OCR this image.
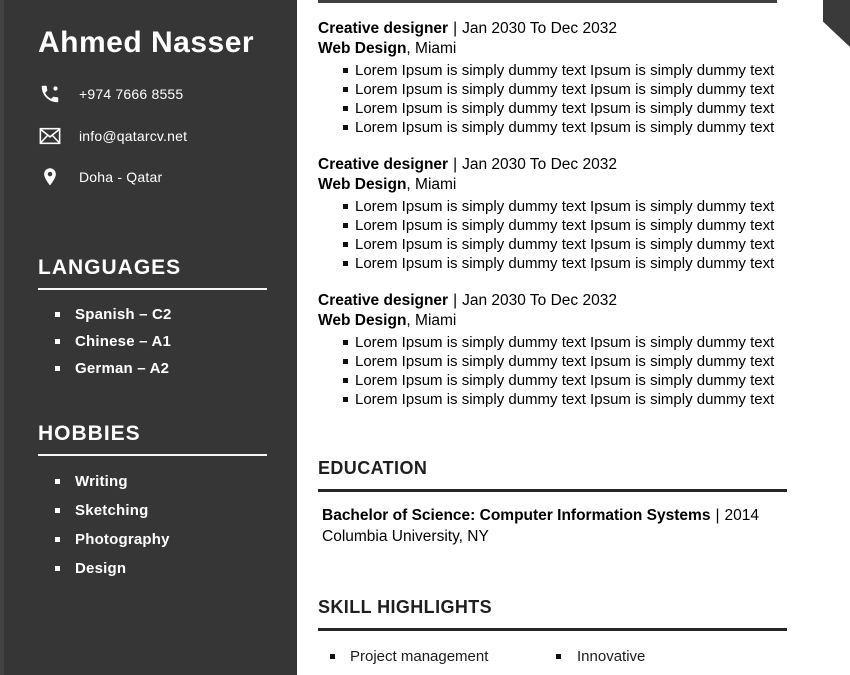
Ahmed Nasser
+974 7666 8555
info@qatarcv.net
Doha - Qatar
LANGUAGES
Spanish – C2
Chinese – A1
German – A2
HOBBIES
Writing
Sketching
Photography
Design
Creative designer | Jan 2030 To Dec 2032
Web Design, Miami
Lorem Ipsum is simply dummy text Ipsum is simply dummy text
Lorem Ipsum is simply dummy text Ipsum is simply dummy text
Lorem Ipsum is simply dummy text Ipsum is simply dummy text
Lorem Ipsum is simply dummy text Ipsum is simply dummy text
Creative designer | Jan 2030 To Dec 2032
Web Design, Miami
Lorem Ipsum is simply dummy text Ipsum is simply dummy text
Lorem Ipsum is simply dummy text Ipsum is simply dummy text
Lorem Ipsum is simply dummy text Ipsum is simply dummy text
Lorem Ipsum is simply dummy text Ipsum is simply dummy text
Creative designer | Jan 2030 To Dec 2032
Web Design, Miami
Lorem Ipsum is simply dummy text Ipsum is simply dummy text
Lorem Ipsum is simply dummy text Ipsum is simply dummy text
Lorem Ipsum is simply dummy text Ipsum is simply dummy text
Lorem Ipsum is simply dummy text Ipsum is simply dummy text
EDUCATION
Bachelor of Science: Computer Information Systems | 2014
Columbia University, NY
SKILL HIGHLIGHTS
Project management	Innovative
